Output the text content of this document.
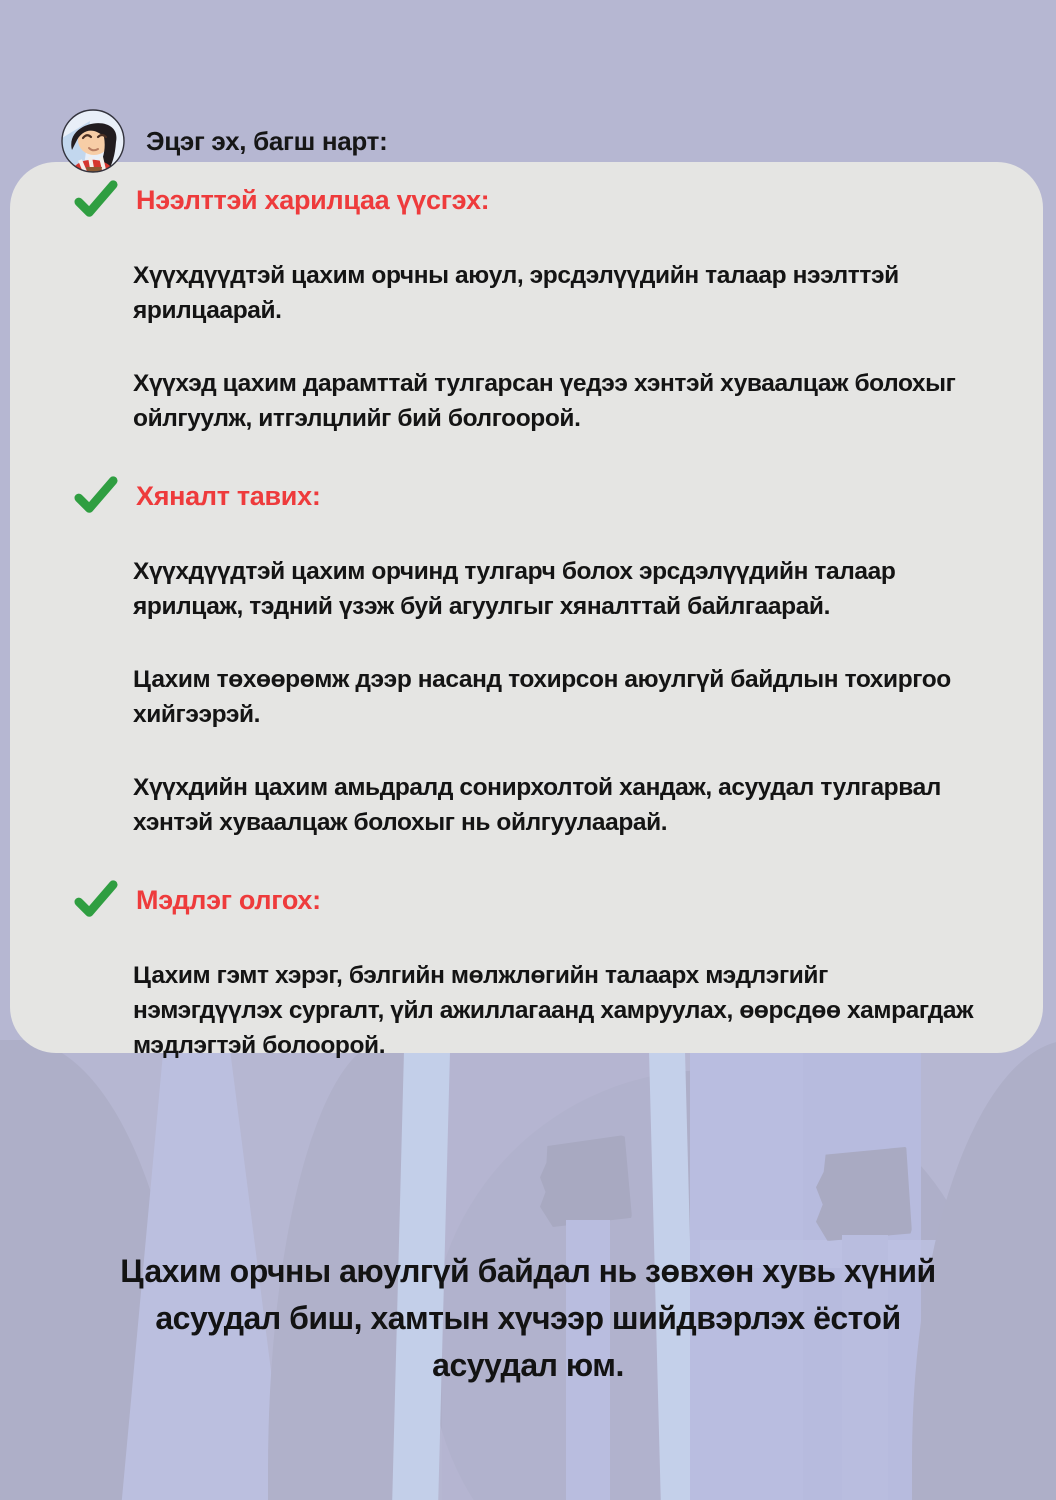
Эцэг эх, багш нарт:
Нээлттэй харилцаа үүсгэх:

Хүүхдүүдтэй цахим орчны аюул, эрсдэлүүдийн талаар нээлттэй ярилцаарай.

Хүүхэд цахим дарамттай тулгарсан үедээ хэнтэй хуваалцаж болохыг ойлгуулж, итгэлцлийг бий болгоорой.

Хяналт тавих:

Хүүхдүүдтэй цахим орчинд тулгарч болох эрсдэлүүдийн талаар ярилцаж, тэдний үзэж буй агуулгыг хяналттай байлгаарай.

Цахим төхөөрөмж дээр насанд тохирсон аюулгүй байдлын тохиргоо хийгээрэй.

Хүүхдийн цахим амьдралд сонирхолтой хандаж, асуудал тулгарвал хэнтэй хуваалцаж болохыг нь ойлгуулаарай.

Мэдлэг олгох:

Цахим гэмт хэрэг, бэлгийн мөлжлөгийн талаарх мэдлэгийг нэмэгдүүлэх сургалт, үйл ажиллагаанд хамруулах, өөрсдөө хамрагдаж мэдлэгтэй болоорой.

Цахим орчны аюулгүй байдал нь зөвхөн хувь хүний асуудал биш, хамтын хүчээр шийдвэрлэх ёстой асуудал юм.
